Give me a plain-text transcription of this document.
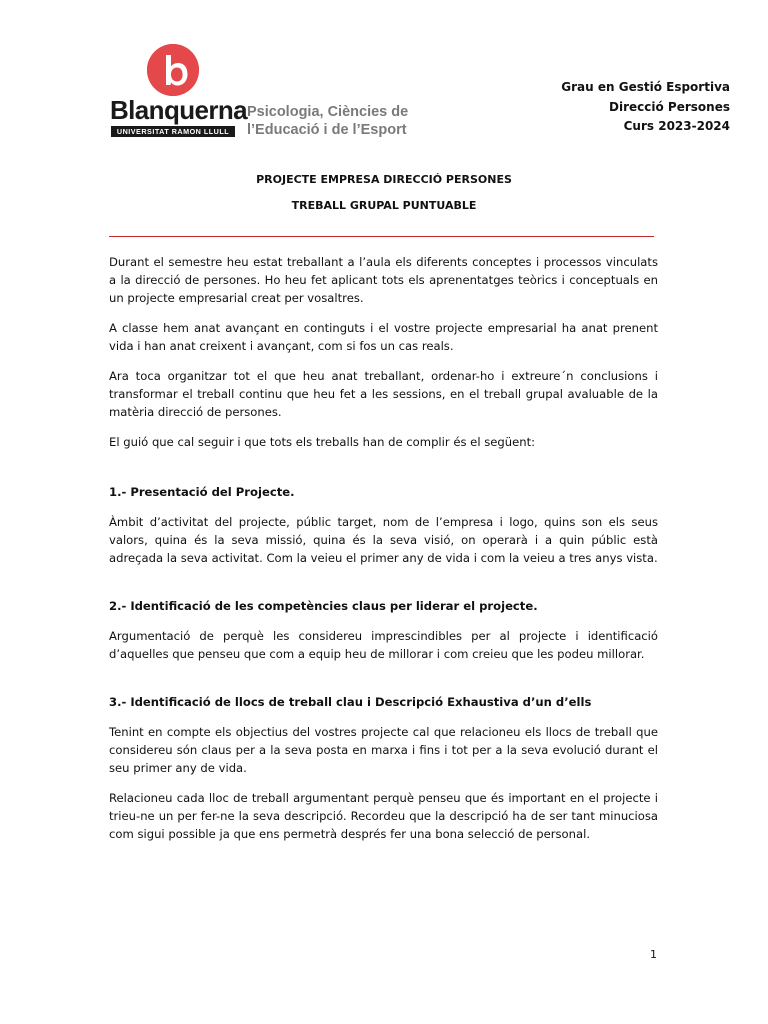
Blanquerna
UNIVERSITAT RAMON LLULL
Psicologia, Ciències de
l’Educació i de l’Esport
Grau en Gestió Esportiva
Direcció Persones
Curs 2023-2024
PROJECTE EMPRESA DIRECCIÓ PERSONES
TREBALL GRUPAL PUNTUABLE

Durant el semestre heu estat treballant a l’aula els diferents conceptes i processos vinculats a la direcció de persones. Ho heu fet aplicant tots els aprenentatges teòrics i conceptuals en un projecte empresarial creat per vosaltres.

A classe hem anat avançant en continguts i el vostre projecte empresarial ha anat prenent vida i han anat creixent i avançant, com si fos un cas reals.

Ara toca organitzar tot el que heu anat treballant, ordenar-ho i extreure´n conclusions i transformar el treball continu que heu fet a les sessions, en el treball grupal avaluable de la matèria direcció de persones.

El guió que cal seguir i que tots els treballs han de complir és el següent:

1.- Presentació del Projecte.

Àmbit d’activitat del projecte, públic target, nom de l’empresa i logo, quins son els seus valors, quina és la seva missió, quina és la seva visió, on operarà i a quin públic està adreçada la seva activitat. Com la veieu el primer any de vida i com la veieu a tres anys vista.

2.- Identificació de les competències claus per liderar el projecte.

Argumentació de perquè les considereu imprescindibles per al projecte i identificació d’aquelles que penseu que com a equip heu de millorar i com creieu que les podeu millorar.

3.- Identificació de llocs de treball clau i Descripció Exhaustiva d’un d’ells

Tenint en compte els objectius del vostres projecte cal que relacioneu els llocs de treball que considereu són claus per a la seva posta en marxa i fins i tot per a la seva evolució durant el seu primer any de vida.

Relacioneu cada lloc de treball argumentant perquè penseu que és important en el projecte i trieu-ne un per fer-ne la seva descripció. Recordeu que la descripció ha de ser tant minuciosa com sigui possible ja que ens permetrà després fer una bona selecció de personal.

1
